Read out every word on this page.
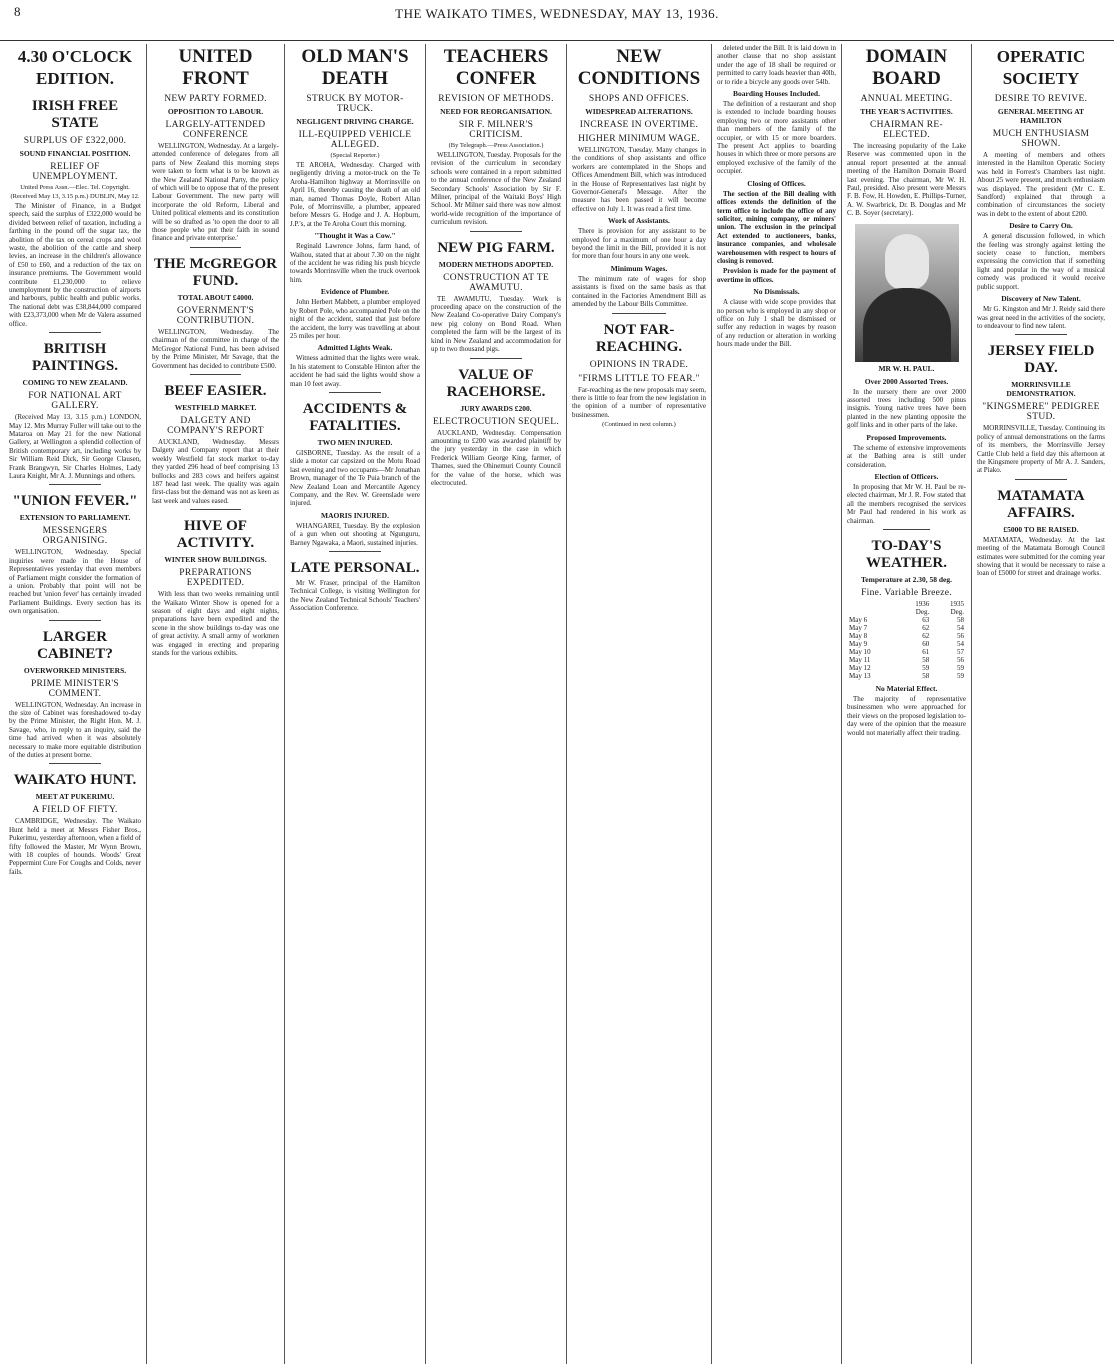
8	THE WAIKATO TIMES, WEDNESDAY, MAY 13, 1936.
4.30 O'CLOCK EDITION.
IRISH FREE STATE
SURPLUS OF £322,000.
SOUND FINANCIAL POSITION.
RELIEF OF UNEMPLOYMENT.
United Press Assn.—Elec. Tel. Copyright.
(Received May 13, 3.15 p.m.) DUBLIN, May 12.

The Minister of Finance, in a Budget speech, said the surplus of £322,000 would be divided between relief of taxation, including a farthing in the pound off the sugar tax, the abolition of the tax on cereal crops and wool waste, the abolition of the cattle and sheep levies, an increase in the children's allowance of £50 to £60, and a reduction of the tax on insurance premiums. The Government would contribute £1,230,000 to relieve unemployment by the construction of airports and harbours, public health and public works. The national debt was £38,844,000 compared with £23,373,000 when Mr de Valera assumed office.

BRITISH PAINTINGS.
COMING TO NEW ZEALAND.
FOR NATIONAL ART GALLERY.

(Received May 13, 3.15 p.m.) LONDON, May 12. Mrs Murray Fuller will take out to the Mataroa on May 21 for the new National Gallery, at Wellington a splendid collection of British contemporary art, including works by Sir William Reid Dick, Sir George Clausen, Frank Brangwyn, Sir Charles Holmes, Lady Laura Knight, Mr A. J. Munnings and others.

"UNION FEVER."
EXTENSION TO PARLIAMENT.
MESSENGERS ORGANISING.

WELLINGTON, Wednesday. Special inquiries were made in the House of Representatives yesterday that even members of Parliament might consider the formation of a union. Probably that point will not be reached but 'union fever' has certainly invaded Parliament Buildings. Every section has its own organisation.

LARGER CABINET?
OVERWORKED MINISTERS.
PRIME MINISTER'S COMMENT.

WELLINGTON, Wednesday. An increase in the size of Cabinet was foreshadowed to-day by the Prime Minister, the Right Hon. M. J. Savage, who, in reply to an inquiry, said the time had arrived when it was absolutely necessary to make more equitable distribution of the duties at present borne.

WAIKATO HUNT.
MEET AT PUKERIMU.
A FIELD OF FIFTY.

CAMBRIDGE, Wednesday. The Waikato Hunt held a meet at Messrs Fisher Bros., Pukerimu, yesterday afternoon, when a field of fifty followed the Master, Mr Wynn Brown, with 18 couples of hounds. Woods' Great Peppermint Cure For Coughs and Colds, never fails.

UNITED FRONT
NEW PARTY FORMED.
OPPOSITION TO LABOUR.
LARGELY-ATTENDED CONFERENCE

WELLINGTON, Wednesday. At a largely-attended conference of delegates from all parts of New Zealand this morning steps were taken to form what is to be known as the New Zealand National Party, the policy of which will be to oppose that of the present Labour Government. The new party will incorporate the old Reform, Liberal and United political elements and its constitution will be so drafted as 'to open the door to all those people who put their faith in sound finance and private enterprise.'

THE McGREGOR FUND.
TOTAL ABOUT £4000.
GOVERNMENT'S CONTRIBUTION.

WELLINGTON, Wednesday. The chairman of the committee in charge of the McGregor National Fund, has been advised by the Prime Minister, Mr Savage, that the Government has decided to contribute £500.

BEEF EASIER.
WESTFIELD MARKET.
DALGETY AND COMPANY'S REPORT

AUCKLAND, Wednesday. Messrs Dalgety and Company report that at their weekly Westfield fat stock market to-day they yarded 296 head of beef comprising 13 bullocks and 283 cows and heifers against 187 head last week. The quality was again first-class but the demand was not as keen as last week and values eased.

HIVE OF ACTIVITY.
WINTER SHOW BUILDINGS.
PREPARATIONS EXPEDITED.

With less than two weeks remaining until the Waikato Winter Show is opened for a season of eight days and eight nights, preparations have been expedited and the scene in the show buildings to-day was one of great activity. A small army of workmen was engaged in erecting and preparing stands for the various exhibits.

OLD MAN'S DEATH
STRUCK BY MOTOR-TRUCK.
NEGLIGENT DRIVING CHARGE.
ILL-EQUIPPED VEHICLE ALLEGED.
(Special Reporter.)

TE AROHA, Wednesday. Charged with negligently driving a motor-truck on the Te Aroha-Hamilton highway at Morrinsville on April 16, thereby causing the death of an old man, named Thomas Doyle, Robert Allan Pole, of Morrinsville, a plumber, appeared before Messrs G. Hodge and J. A. Hopburn, J.P.'s, at the Te Aroha Court this morning.

"Thought it Was a Cow."

Reginald Lawrence Johns, farm hand, of Waihou, stated that at about 7.30 on the night of the accident he was riding his push bicycle towards Morrinsville when the truck overtook him.

Evidence of Plumber.

John Herbert Mabbett, a plumber employed by Robert Pole, who accompanied Pole on the night of the accident, stated that just before the accident, the lorry was travelling at about 25 miles per hour.

Admitted Lights Weak.

Witness admitted that the lights were weak. In his statement to Constable Hinton after the accident he had said the lights would show a man 10 feet away.

ACCIDENTS & FATALITIES.
TWO MEN INJURED.

GISBORNE, Tuesday. As the result of a slide a motor car capsized on the Motu Road last evening and two occupants—Mr Jonathan Brown, manager of the Te Puia branch of the New Zealand Loan and Mercantile Agency Company, and the Rev. W. Greenslade were injured.

MAORIS INJURED.

WHANGAREI, Tuesday. By the explosion of a gun when out shooting at Ngunguru, Barney Ngawaka, a Maori, sustained injuries.

LATE PERSONAL.

Mr W. Fraser, principal of the Hamilton Technical College, is visiting Wellington for the New Zealand Technical Schools' Teachers' Association Conference.

TEACHERS CONFER
REVISION OF METHODS.
NEED FOR REORGANISATION.
SIR F. MILNER'S CRITICISM.
(By Telegraph.—Press Association.)

WELLINGTON, Tuesday. Proposals for the revision of the curriculum in secondary schools were contained in a report submitted to the annual conference of the New Zealand Secondary Schools' Association by Sir F. Milner, principal of the Waitaki Boys' High School. Mr Milner said there was now almost world-wide recognition of the importance of curriculum revision.

NEW PIG FARM.
MODERN METHODS ADOPTED.
CONSTRUCTION AT TE AWAMUTU.

TE AWAMUTU, Tuesday. Work is proceeding apace on the construction of the New Zealand Co-operative Dairy Company's new pig colony on Bond Road. When completed the farm will be the largest of its kind in New Zealand and accommodation for up to two thousand pigs.

VALUE OF RACEHORSE.
JURY AWARDS £200.
ELECTROCUTION SEQUEL.

AUCKLAND, Wednesday. Compensation amounting to £200 was awarded plaintiff by the jury yesterday in the case in which Frederick William George King, farmer, of Thames, sued the Ohinemuri County Council for the value of the horse, which was electrocuted.

NEW CONDITIONS
SHOPS AND OFFICES.
WIDESPREAD ALTERATIONS.
INCREASE IN OVERTIME.
HIGHER MINIMUM WAGE.

WELLINGTON, Tuesday. Many changes in the conditions of shop assistants and office workers are contemplated in the Shops and Offices Amendment Bill, which was introduced in the House of Representatives last night by Governor-General's Message. After the measure has been passed it will become effective on July 1. It was read a first time.

Work of Assistants.

There is provision for any assistant to be employed for a maximum of one hour a day beyond the limit in the Bill, provided it is not for more than four hours in any one week.

Minimum Wages.

The minimum rate of wages for shop assistants is fixed on the same basis as that contained in the Factories Amendment Bill as amended by the Labour Bills Committee.

NOT FAR-REACHING.
OPINIONS IN TRADE.
"FIRMS LITTLE TO FEAR."

Far-reaching as the new proposals may seem, there is little to fear from the new legislation in the opinion of a number of representative businessmen.

(Continued in next column.)

deleted under the Bill. It is laid down in another clause that no shop assistant under the age of 18 shall be required or permitted to carry loads heavier than 40lb, or to ride a bicycle any goods over 54lb.

Boarding Houses Included.

The definition of a restaurant and shop is extended to include boarding houses employing two or more assistants other than members of the family of the occupier, or with 15 or more boarders. The present Act applies to boarding houses in which three or more persons are employed exclusive of the family of the occupier.

Closing of Offices.

The section of the Bill dealing with offices extends the definition of the term office to include the office of any solicitor, mining company, or miners' union. The exclusion in the principal Act extended to auctioneers, banks, insurance companies, and wholesale warehousemen with respect to hours of closing is removed.

Provision is made for the payment of overtime in offices.

No Dismissals.

A clause with wide scope provides that no person who is employed in any shop or office on July 1 shall be dismissed or suffer any reduction in wages by reason of any reduction or alteration in working hours made under the Bill.

DOMAIN BOARD
ANNUAL MEETING.
THE YEAR'S ACTIVITIES.
CHAIRMAN RE-ELECTED.

The increasing popularity of the Lake Reserve was commented upon in the annual report presented at the annual meeting of the Hamilton Domain Board last evening. The chairman, Mr W. H. Paul, presided. Also present were Messrs F. B. Fow, H. Howden, E. Phillips-Turner, A. W. Swarbrick, Dr. B. Douglas and Mr C. B. Soyer (secretary).

MR W. H. PAUL.
Over 2000 Assorted Trees.

In the nursery there are over 2000 assorted trees including 500 pinus insignis. Young native trees have been planted in the new planting opposite the golf links and in other parts of the lake.

Proposed Improvements.

The scheme of extensive improvements at the Bathing area is still under consideration.

Election of Officers.

In proposing that Mr W. H. Paul be re-elected chairman, Mr J. R. Fow stated that all the members recognised the services Mr Paul had rendered in his work as chairman.

TO-DAY'S WEATHER.
Temperature at 2.30, 58 deg.
Fine. Variable Breeze.
	1936	1935
	Deg.	Deg.
May 6	63	58
May 7	62	54
May 8	62	56
May 9	60	54
May 10	61	57
May 11	58	56
May 12	59	59
May 13	58	59
No Material Effect.

The majority of representative businessmen who were approached for their views on the proposed legislation to-day were of the opinion that the measure would not materially affect their trading.

OPERATIC SOCIETY
DESIRE TO REVIVE.
GENERAL MEETING AT HAMILTON
MUCH ENTHUSIASM SHOWN.

A meeting of members and others interested in the Hamilton Operatic Society was held in Forrest's Chambers last night. About 25 were present, and much enthusiasm was displayed. The president (Mr C. E. Sandford) explained that through a combination of circumstances the society was in debt to the extent of about £200.

Desire to Carry On.

A general discussion followed, in which the feeling was strongly against letting the society cease to function, members expressing the conviction that if something light and popular in the way of a musical comedy was produced it would receive public support.

Discovery of New Talent.

Mr G. Kingston and Mr J. Reidy said there was great need in the activities of the society, to endeavour to find new talent.

JERSEY FIELD DAY.
MORRINSVILLE DEMONSTRATION.
"KINGSMERE" PEDIGREE STUD.

MORRINSVILLE, Tuesday. Continuing its policy of annual demonstrations on the farms of its members, the Morrinsville Jersey Cattle Club held a field day this afternoon at the Kingsmere property of Mr A. J. Sanders, at Piako.

MATAMATA AFFAIRS.
£5000 TO BE RAISED.

MATAMATA, Wednesday. At the last meeting of the Matamata Borough Council estimates were submitted for the coming year showing that it would be necessary to raise a loan of £5000 for street and drainage works.
